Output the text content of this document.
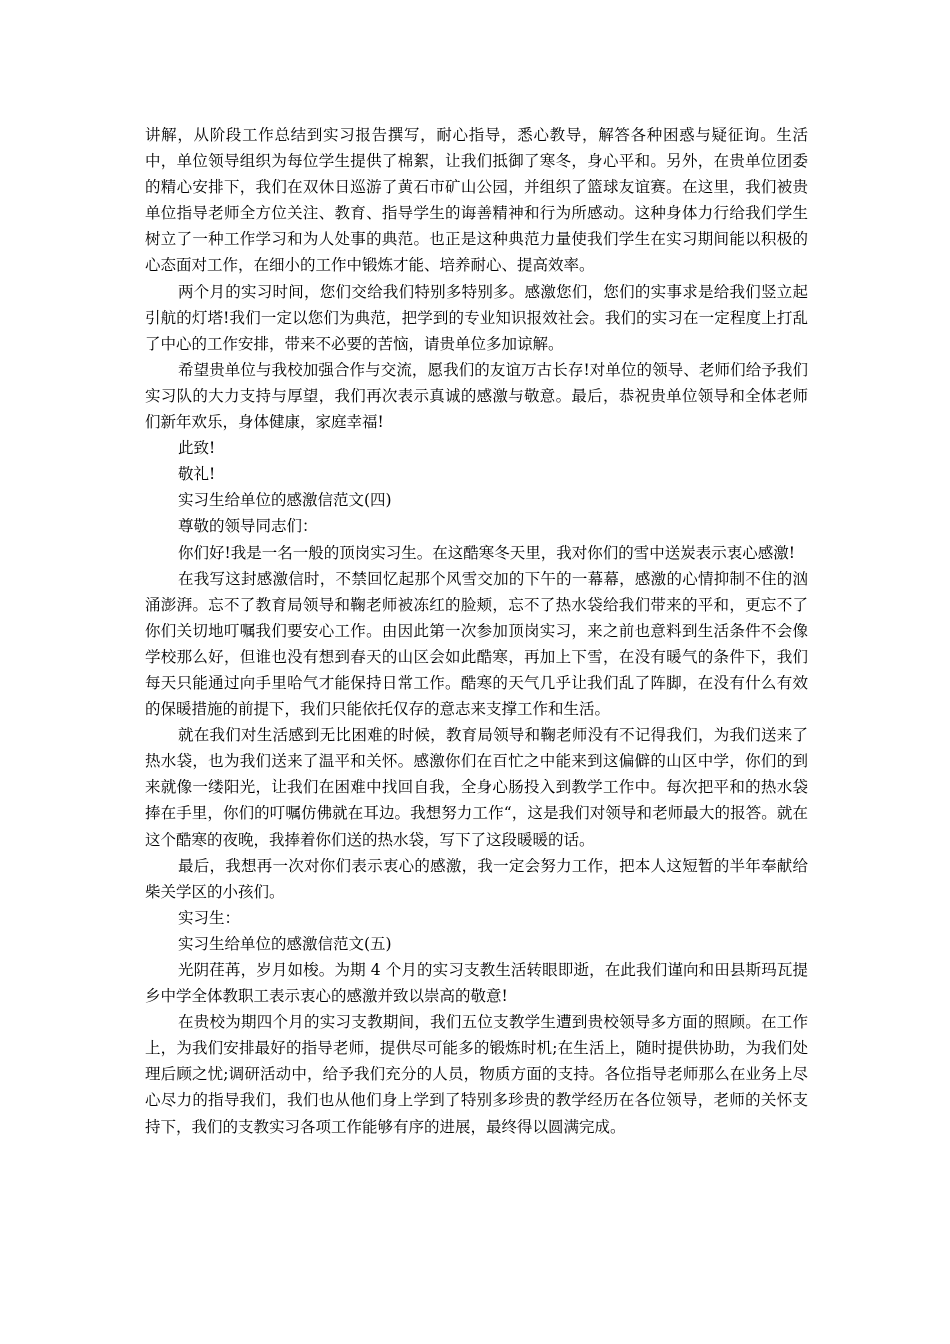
讲解，从阶段工作总结到实习报告撰写，耐心指导，悉心教导，解答各种困惑与疑征询。生活中，单位领导组织为每位学生提供了棉絮，让我们抵御了寒冬，身心平和。另外，在贵单位团委的精心安排下，我们在双休日巡游了黄石市矿山公园，并组织了篮球友谊赛。在这里，我们被贵单位指导老师全方位关注、教育、指导学生的诲善精神和行为所感动。这种身体力行给我们学生树立了一种工作学习和为人处事的典范。也正是这种典范力量使我们学生在实习期间能以积极的心态面对工作，在细小的工作中锻炼才能、培养耐心、提高效率。

两个月的实习时间，您们交给我们特别多特别多。感激您们，您们的实事求是给我们竖立起引航的灯塔!我们一定以您们为典范，把学到的专业知识报效社会。我们的实习在一定程度上打乱了中心的工作安排，带来不必要的苦恼，请贵单位多加谅解。

希望贵单位与我校加强合作与交流，愿我们的友谊万古长存!对单位的领导、老师们给予我们实习队的大力支持与厚望，我们再次表示真诚的感激与敬意。最后，恭祝贵单位领导和全体老师们新年欢乐，身体健康，家庭幸福!

此致!

敬礼!

实习生给单位的感激信范文(四)

尊敬的领导同志们：

你们好!我是一名一般的顶岗实习生。在这酷寒冬天里，我对你们的雪中送炭表示衷心感激!

在我写这封感激信时，不禁回忆起那个风雪交加的下午的一幕幕，感激的心情抑制不住的汹涌澎湃。忘不了教育局领导和鞠老师被冻红的脸颊，忘不了热水袋给我们带来的平和，更忘不了你们关切地叮嘱我们要安心工作。由因此第一次参加顶岗实习，来之前也意料到生活条件不会像学校那么好，但谁也没有想到春天的山区会如此酷寒，再加上下雪，在没有暖气的条件下，我们每天只能通过向手里哈气才能保持日常工作。酷寒的天气几乎让我们乱了阵脚，在没有什么有效的保暖措施的前提下，我们只能依托仅存的意志来支撑工作和生活。

就在我们对生活感到无比困难的时候，教育局领导和鞠老师没有不记得我们，为我们送来了热水袋，也为我们送来了温平和关怀。感激你们在百忙之中能来到这偏僻的山区中学，你们的到来就像一缕阳光，让我们在困难中找回自我，全身心肠投入到教学工作中。每次把平和的热水袋捧在手里，你们的叮嘱仿佛就在耳边。我想努力工作“，这是我们对领导和老师最大的报答。就在这个酷寒的夜晚，我捧着你们送的热水袋，写下了这段暖暖的话。

最后，我想再一次对你们表示衷心的感激，我一定会努力工作，把本人这短暂的半年奉献给柴关学区的小孩们。

实习生：

实习生给单位的感激信范文(五)

光阴荏苒，岁月如梭。为期 4 个月的实习支教生活转眼即逝，在此我们谨向和田县斯玛瓦提乡中学全体教职工表示衷心的感激并致以崇高的敬意!

在贵校为期四个月的实习支教期间，我们五位支教学生遭到贵校领导多方面的照顾。在工作上，为我们安排最好的指导老师，提供尽可能多的锻炼时机;在生活上，随时提供协助，为我们处理后顾之忧;调研活动中，给予我们充分的人员，物质方面的支持。各位指导老师那么在业务上尽心尽力的指导我们，我们也从他们身上学到了特别多珍贵的教学经历在各位领导，老师的关怀支持下，我们的支教实习各项工作能够有序的进展，最终得以圆满完成。
